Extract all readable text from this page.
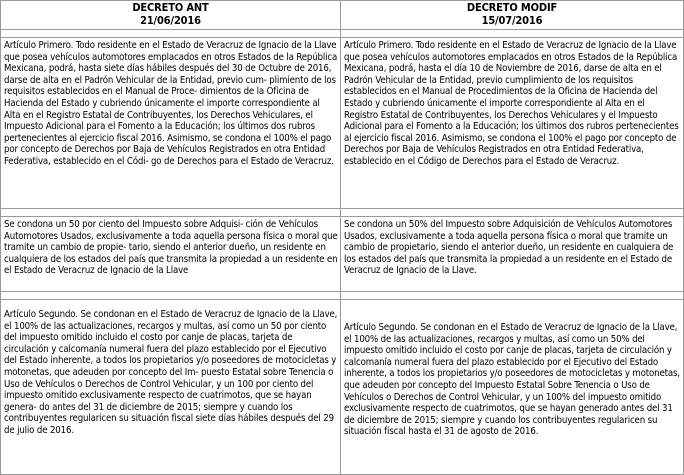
DECRETO ANT
21/06/2016
DECRETO MODIF
15/07/2016

Artículo Primero. Todo residente en el Estado de Veracruz de Ignacio de la Llave que posea vehículos automotores emplacados en otros Estados de la República Mexicana, podrá, hasta siete días hábiles después del 30 de Octubre de 2016, darse de alta en el Padrón Vehicular de la Entidad, previo cum- plimiento de los requisitos establecidos en el Manual de Proce- dimientos de la Oficina de Hacienda del Estado y cubriendo únicamente el importe correspondiente al Alta en el Registro Estatal de Contribuyentes, los Derechos Vehiculares, el Impuesto Adicional para el Fomento a la Educación; los últimos dos rubros pertenecientes al ejercicio fiscal 2016. Asimismo, se condona el 100% el pago por concepto de Derechos por Baja de Vehículos Registrados en otra Entidad Federativa, establecido en el Códi- go de Derechos para el Estado de Veracruz.

Artículo Primero. Todo residente en el Estado de Veracruz de Ignacio de la Llave que posea vehículos automotores emplacados en otros Estados de la República Mexicana, podrá, hasta el día 10 de Noviembre de 2016, darse de alta en el Padrón Vehicular de la Entidad, previo cumplimiento de los requisitos establecidos en el Manual de Procedimientos de la Oficina de Hacienda del Estado y cubriendo únicamente el importe correspondiente al Alta en el Registro Estatal de Contribuyentes, los Derechos Vehiculares y el Impuesto Adicional para el Fomento a la Educación; los últimos dos rubros pertenecientes al ejercicio fiscal 2016. Asimismo, se condona el 100% el pago por concepto de Derechos por Baja de Vehículos Registrados en otra Entidad Federativa, establecido en el Código de Derechos para el Estado de Veracruz.

Se condona un 50 por ciento del Impuesto sobre Adquisi- ción de Vehículos Automotores Usados, exclusivamente a toda aquella persona física o moral que tramite un cambio de propie- tario, siendo el anterior dueño, un residente en cualquiera de los estados del país que transmita la propiedad a un residente en el Estado de Veracruz de Ignacio de la Llave

Se condona un 50% del Impuesto sobre Adquisición de Vehículos Automotores Usados, exclusivamente a toda aquella persona física o moral que tramite un cambio de propietario, siendo el anterior dueño, un residente en cualquiera de los estados del país que transmita la propiedad a un residente en el Estado de Veracruz de Ignacio de la Llave.

Artículo Segundo. Se condonan en el Estado de Veracruz de Ignacio de la Llave, el 100% de las actualizaciones, recargos y multas, así como un 50 por ciento del impuesto omitido incluido el costo por canje de placas, tarjeta de circulación y calcomanía numeral fuera del plazo establecido por el Ejecutivo del Estado inherente, a todos los propietarios y/o poseedores de motocicletas y motonetas, que adeuden por concepto del Im- puesto Estatal sobre Tenencia o Uso de Vehículos o Derechos de Control Vehicular, y un 100 por ciento del impuesto omitido exclusivamente respecto de cuatrimotos, que se hayan genera- do antes del 31 de diciembre de 2015; siempre y cuando los contribuyentes regularicen su situación fiscal siete días hábiles después del 29 de julio de 2016.

Artículo Segundo. Se condonan en el Estado de Veracruz de Ignacio de la Llave, el 100% de las actualizaciones, recargos y multas, así como un 50% del impuesto omitido incluido el costo por canje de placas, tarjeta de circulación y calcomanía numeral fuera del plazo establecido por el Ejecutivo del Estado inherente, a todos los propietarios y/o poseedores de motocicletas y motonetas, que adeuden por concepto del Impuesto Estatal Sobre Tenencia o Uso de Vehículos o Derechos de Control Vehicular, y un 100% del impuesto omitido exclusivamente respecto de cuatrimotos, que se hayan generado antes del 31 de diciembre de 2015; siempre y cuando los contribuyentes regularicen su situación fiscal hasta el 31 de agosto de 2016.
